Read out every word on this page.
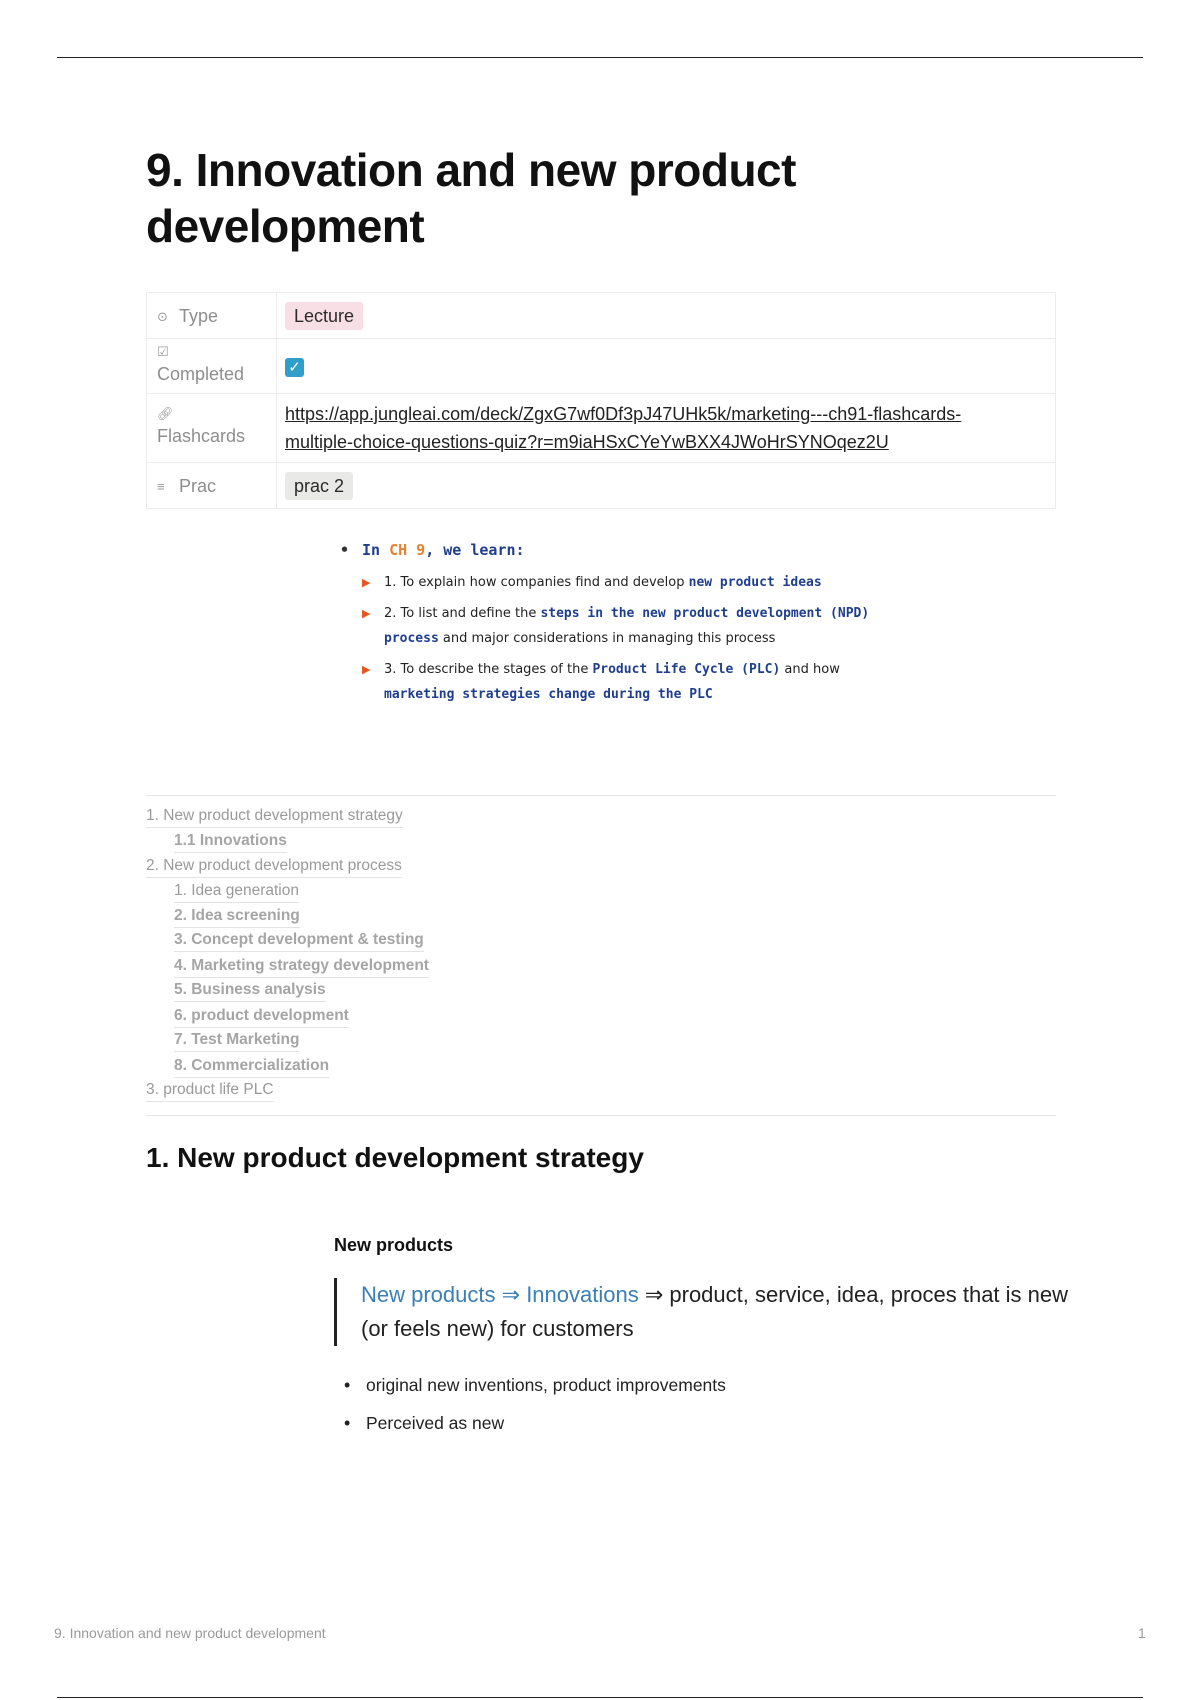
9. Innovation and new product development
⊙ Type	Lecture

☑
Completed	✓

🔗︎
Flashcards	https://app.jungleai.com/deck/ZgxG7wf0Df3pJ47UHk5k/marketing---ch91-flashcards-
multiple-choice-questions-quiz?r=m9iaHSxCYeYwBXX4JWoHrSYNOqez2U
≡ Prac	prac 2
• In CH 9, we learn:
▶ 1. To explain how companies find and develop new product ideas
▶ 2. To list and define the steps in the new product development (NPD) process and major considerations in managing this process
▶ 3. To describe the stages of the Product Life Cycle (PLC) and how marketing strategies change during the PLC
1. New product development strategy
1.1 Innovations
2. New product development process
1. Idea generation
2. Idea screening
3. Concept development & testing
4. Marketing strategy development
5. Business analysis
6. product development
7. Test Marketing
8. Commercialization
3. product life PLC
1. New product development strategy
New products
New products ⇒ Innovations ⇒ product, service, idea, proces that is new (or feels new) for customers
• original new inventions, product improvements
• Perceived as new
9. Innovation and new product development	1
